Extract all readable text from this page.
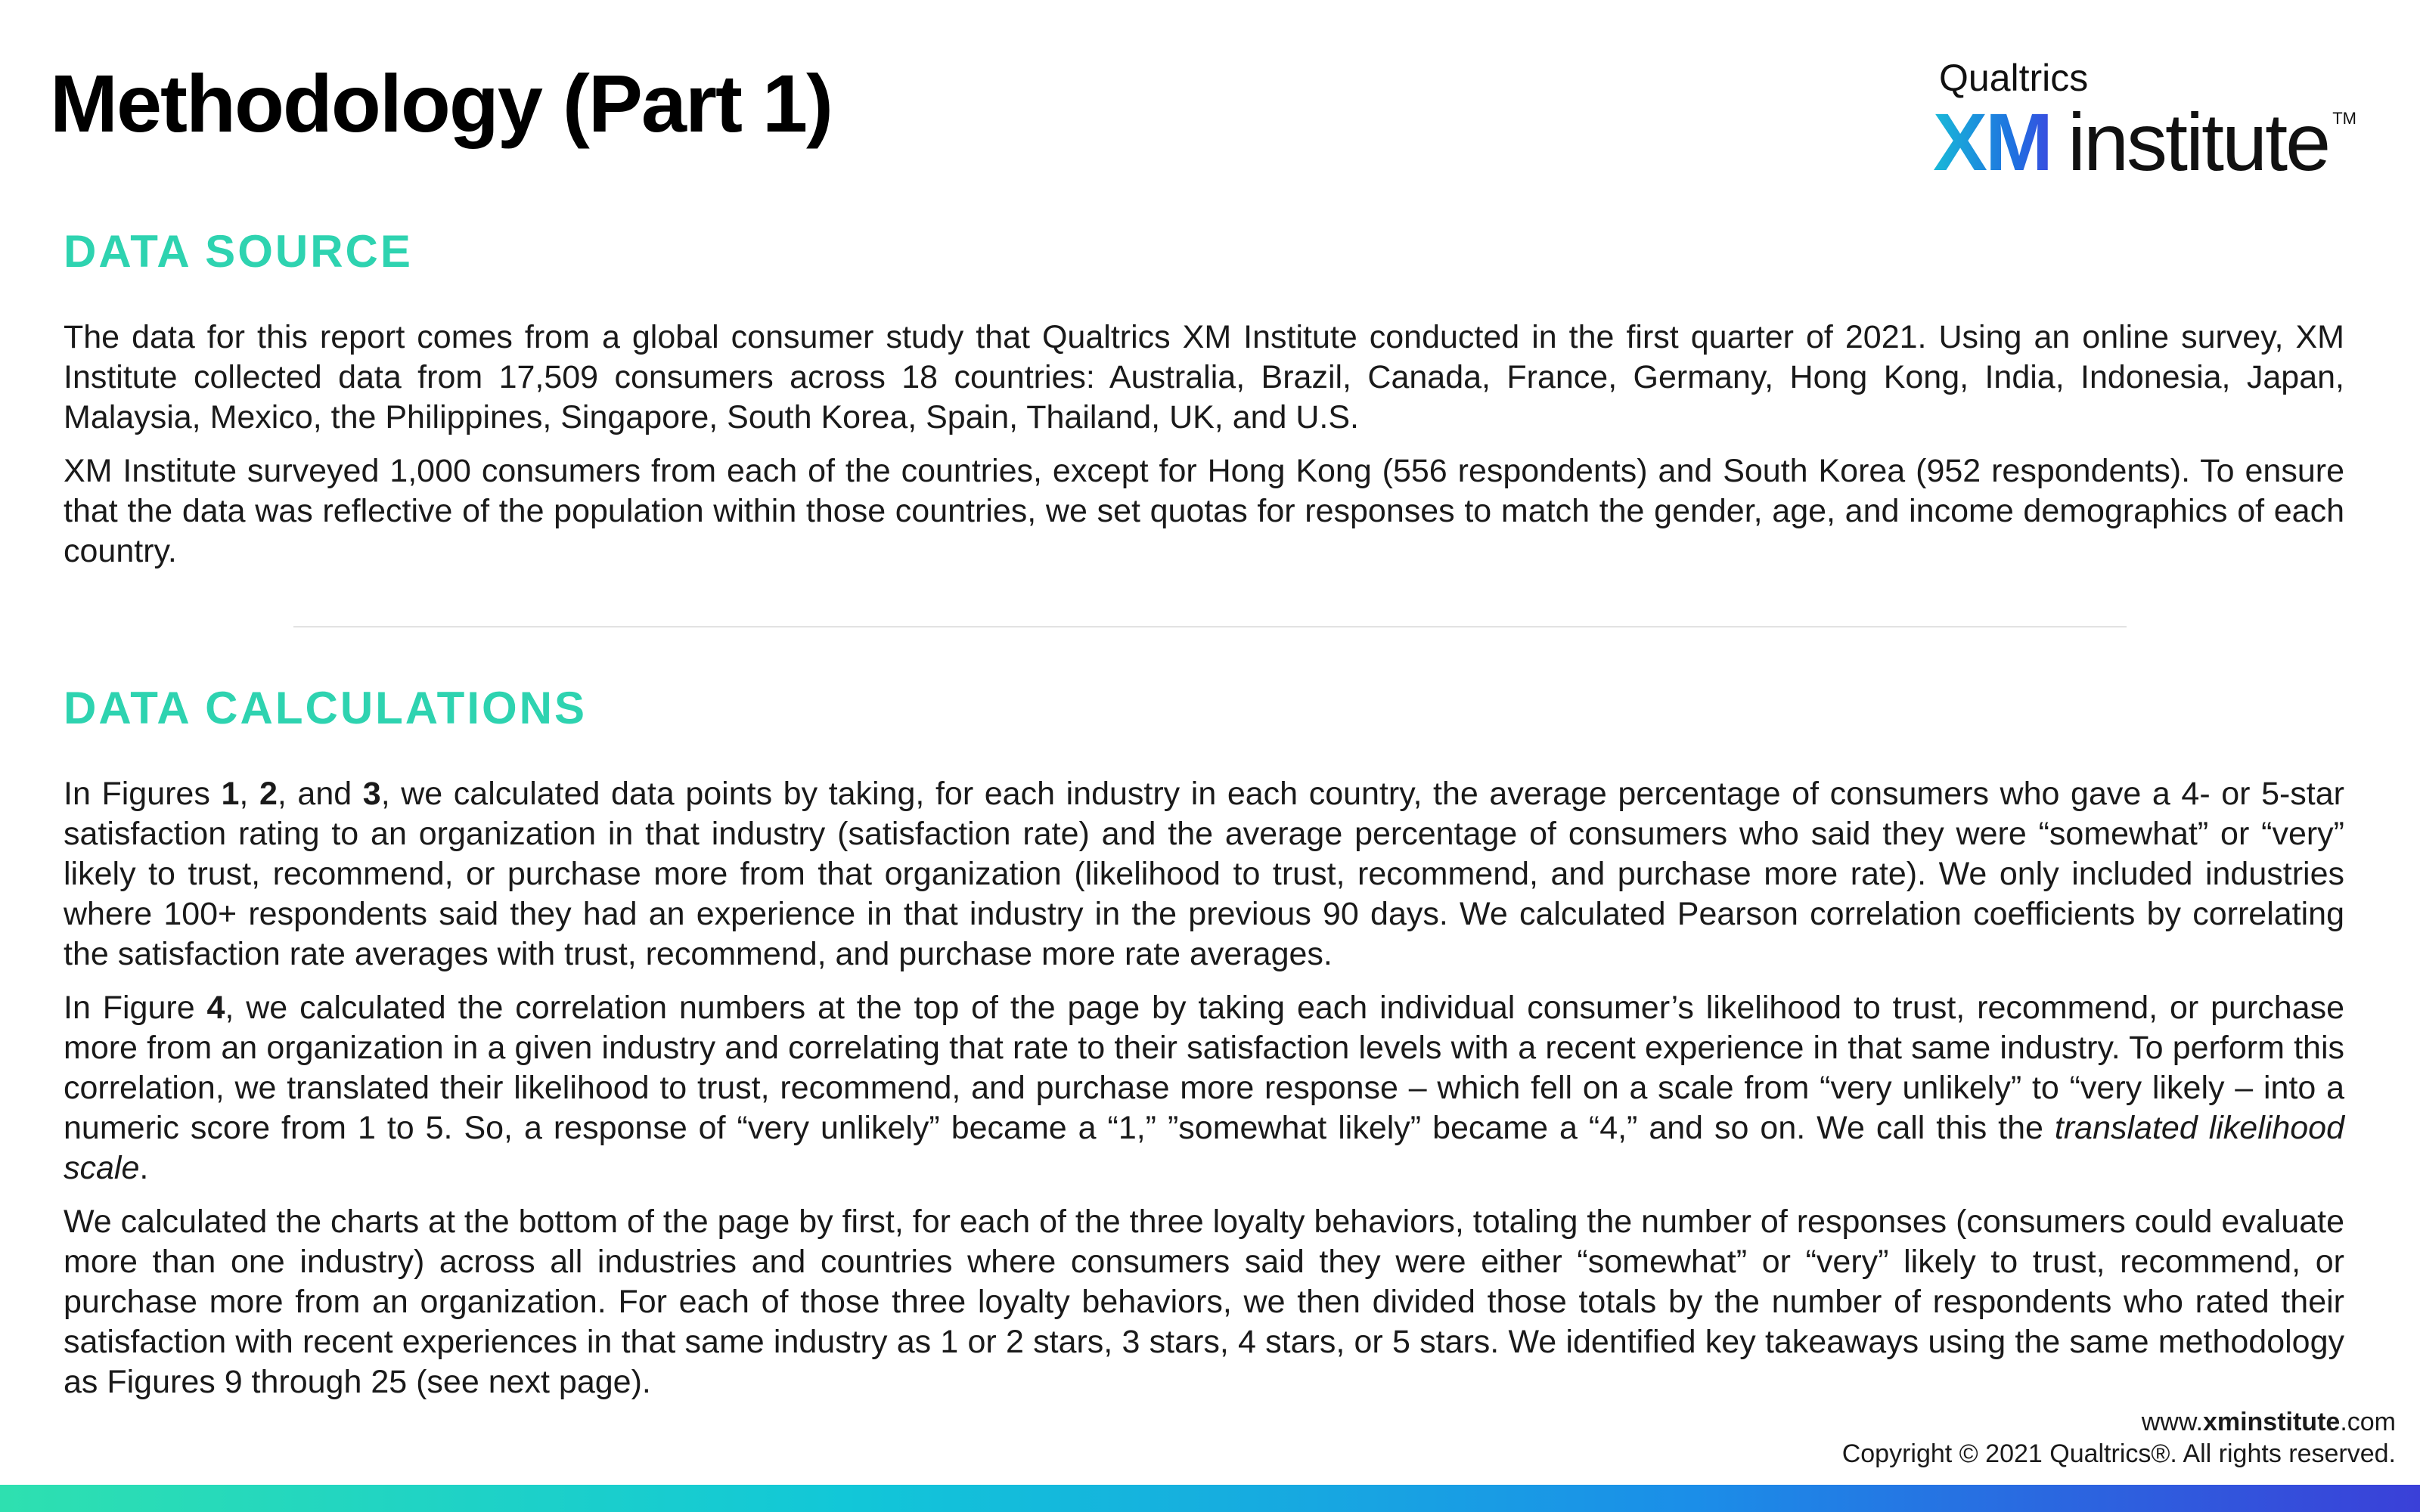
Methodology (Part 1)	Qualtrics
XM institute TM
DATA SOURCE

The data for this report comes from a global consumer study that Qualtrics XM Institute conducted in the first quarter of 2021. Using an online survey, XM Institute collected data from 17,509 consumers across 18 countries: Australia, Brazil, Canada, France, Germany, Hong Kong, India, Indonesia, Japan, Malaysia, Mexico, the Philippines, Singapore, South Korea, Spain, Thailand, UK, and U.S.

XM Institute surveyed 1,000 consumers from each of the countries, except for Hong Kong (556 respondents) and South Korea (952 respondents). To ensure that the data was reflective of the population within those countries, we set quotas for responses to match the gender, age, and income demographics of each country.

DATA CALCULATIONS

In Figures 1, 2, and 3, we calculated data points by taking, for each industry in each country, the average percentage of consumers who gave a 4- or 5-star satisfaction rating to an organization in that industry (satisfaction rate) and the average percentage of consumers who said they were “somewhat” or “very” likely to trust, recommend, or purchase more from that organization (likelihood to trust, recommend, and purchase more rate). We only included industries where 100+ respondents said they had an experience in that industry in the previous 90 days. We calculated Pearson correlation coefficients by correlating the satisfaction rate averages with trust, recommend, and purchase more rate averages.

In Figure 4, we calculated the correlation numbers at the top of the page by taking each individual consumer’s likelihood to trust, recommend, or purchase more from an organization in a given industry and correlating that rate to their satisfaction levels with a recent experience in that same industry. To perform this correlation, we translated their likelihood to trust, recommend, and purchase more response – which fell on a scale from “very unlikely” to “very likely – into a numeric score from 1 to 5. So, a response of “very unlikely” became a “1,” ”somewhat likely” became a “4,” and so on. We call this the translated likelihood scale.

We calculated the charts at the bottom of the page by first, for each of the three loyalty behaviors, totaling the number of responses (consumers could evaluate more than one industry) across all industries and countries where consumers said they were either “somewhat” or “very” likely to trust, recommend, or purchase more from an organization. For each of those three loyalty behaviors, we then divided those totals by the number of respondents who rated their satisfaction with recent experiences in that same industry as 1 or 2 stars, 3 stars, 4 stars, or 5 stars. We identified key takeaways using the same methodology as Figures 9 through 25 (see next page).

www.xminstitute.com
Copyright © 2021 Qualtrics®. All rights reserved.
